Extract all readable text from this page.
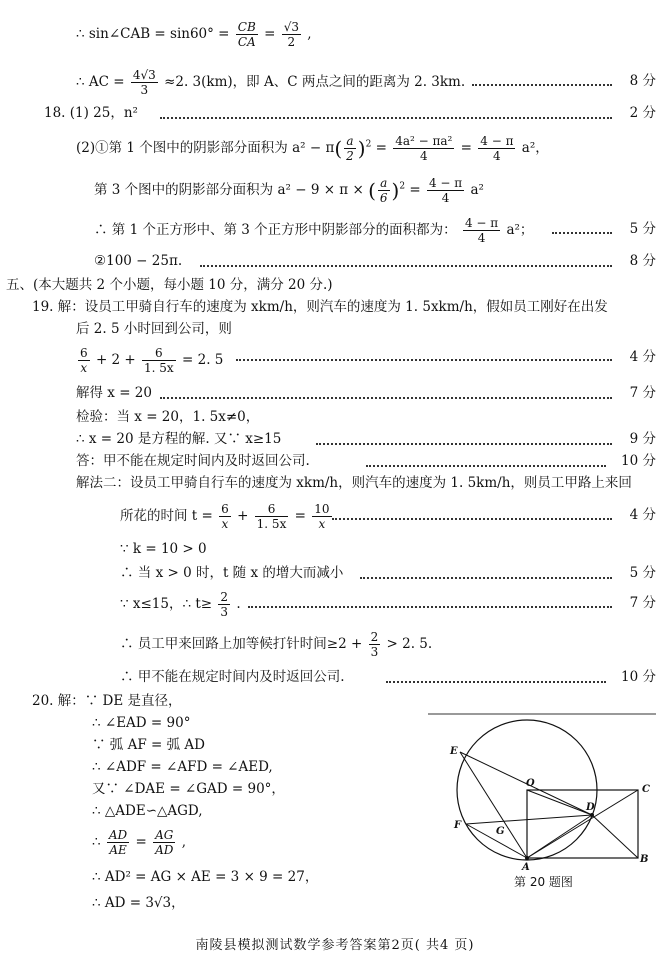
∴ sin∠CAB = $\sin 60^\circ = \frac{CB}{CA} = \frac{√3}{2}$ ,
∴ AC = $\frac{4√3}{3} \approx 2$. 3(km)，即 A、C 两点之间的距离为 2. 3km.	8 分
18. (1) 25，n²	2 分
(2)①第 1 个图中的阴影部分面积为 $a^2 - \pi( \frac{a}{2} )^2 = \frac{\text{4a² − πa²}}{4} = \frac{4 - \pi}{4} a^2$，
第 3 个图中的阴影部分面积为 a² − 9 × π × ( $\frac{a}{6} )^2 = \frac{4 - \pi}{4} a^2$
∴ 第 1 个正方形中、第 3 个正方形中阴影部分的面积都为： $\frac{4 - \pi}{4} a^2$；	5 分
②100 − 25π.	8 分
五、(本大题共 2 个小题，每小题 10 分，满分 20 分.)
19. 解：设员工甲骑自行车的速度为 xkm/h，则汽车的速度为 1. 5xkm/h，假如员工刚好在出发
后 2. 5 小时回到公司，则
$\frac{6}{x} + 2 + \frac{6}{1. 5x} = 2$. 5	4 分
解得 x = 20	7 分
检验：当 x = 20，1. 5x≠0，
∴ x = 20 是方程的解. 又∵ x≥15	9 分
答：甲不能在规定时间内及时返回公司.	10 分
解法二：设员工甲骑自行车的速度为 xkm/h，则汽车的速度为 1. 5km/h，则员工甲路上来回
所花的时间 $t = \frac{6}{x} + \frac{6}{1. 5x} = \frac{10}{x}$	4 分
∵ k = 10 > 0
∴ 当 x > 0 时，t 随 x 的增大而减小	5 分
∵ x≤15，∴ $t\ge \frac{2}{3}$ .	7 分
∴ 员工甲来回路上加等候打针时间$\ge 2 + \frac{2}{3} > 2$. 5.
∴ 甲不能在规定时间内及时返回公司.	10 分
20. 解：∵ DE 是直径，
∴ ∠EAD = 90°
∵ 弧 AF = 弧 AD
∴ ∠ADF = ∠AFD = ∠AED,
又∵ ∠DAE = ∠GAD = 90°，
∴ △ADE∽△AGD,
∴ $\frac{AD}{AE} = \frac{AG}{AD}$ ,
∴ AD² = AG × AE = 3 × 9 = 27，
∴ AD = 3√3，
E
O
C
D
F
G
A
B
第 20 题图
南陵县模拟测试数学参考答案第2页( 共4 页)
